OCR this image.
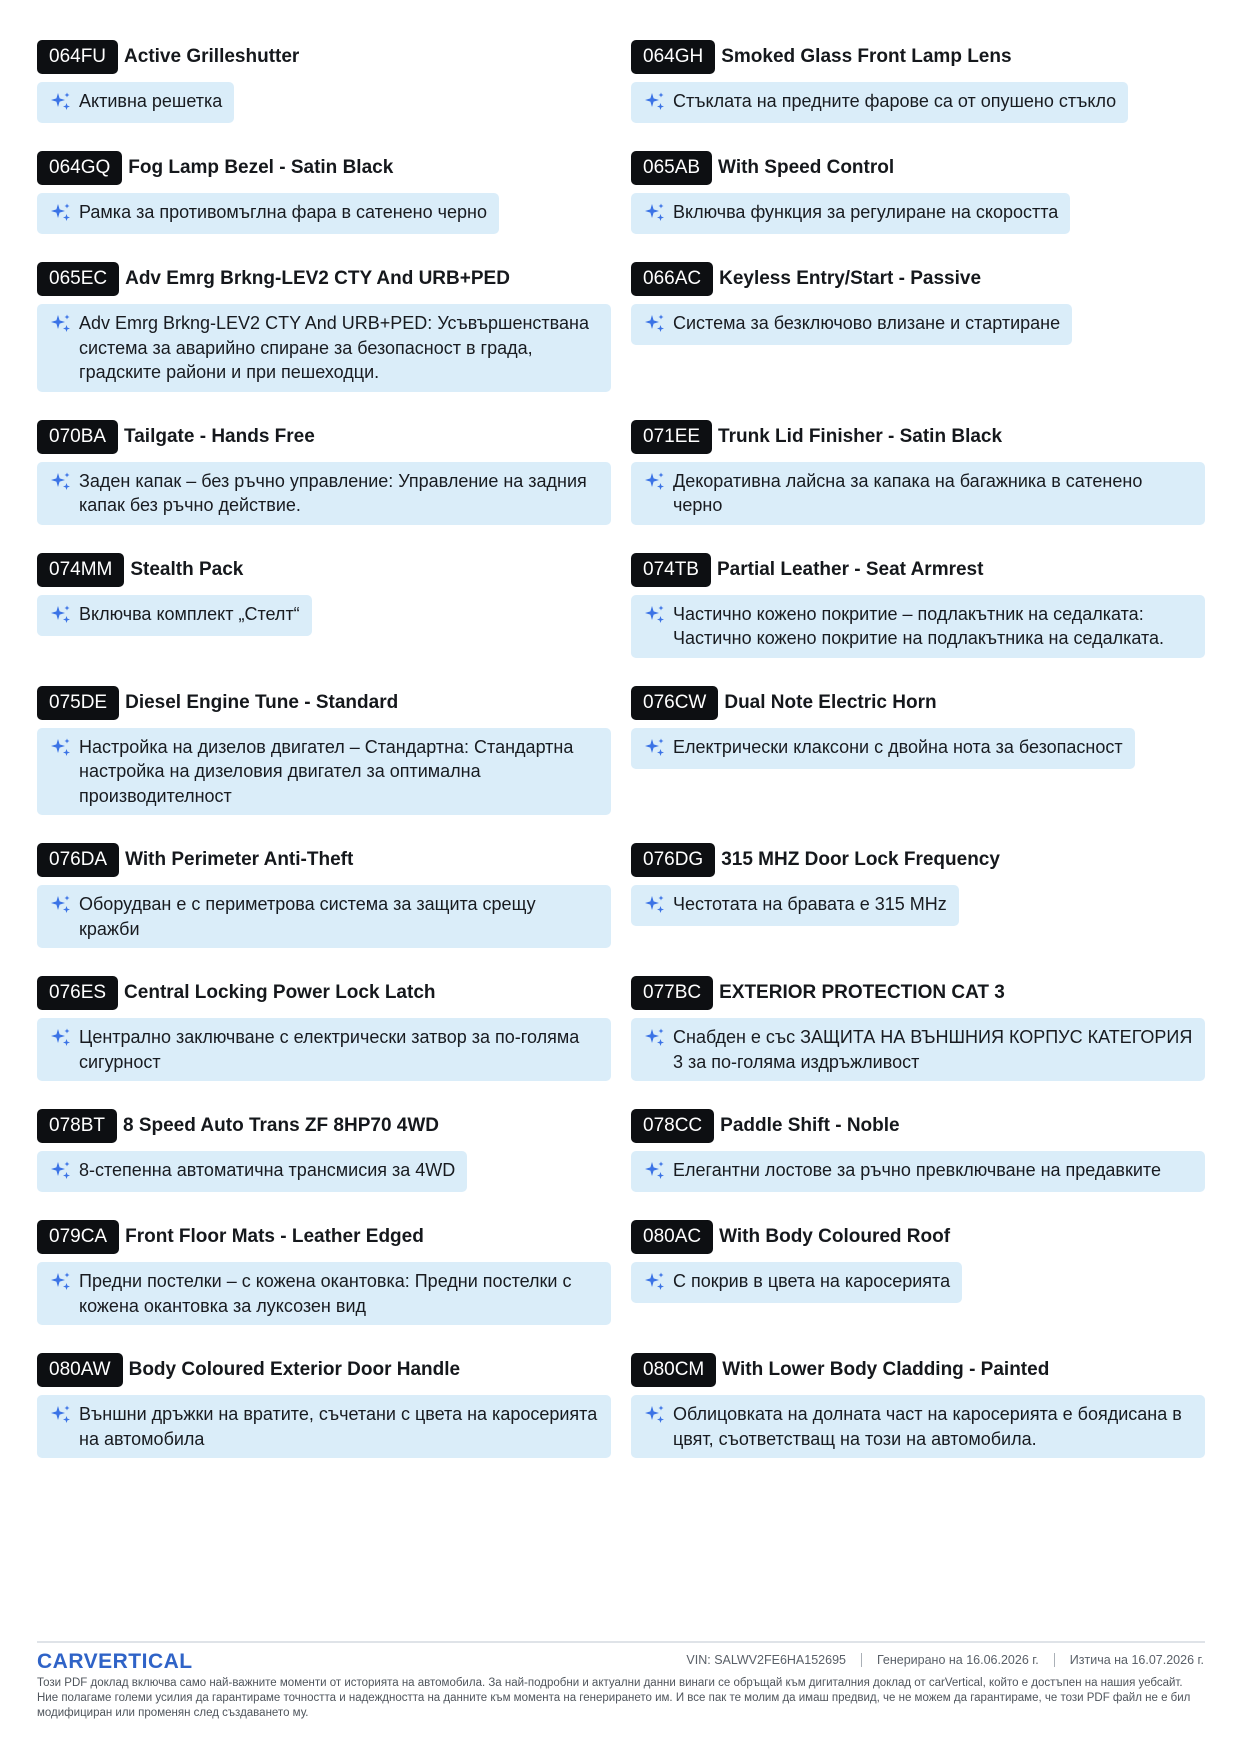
064FU Active Grilleshutter
Активна решетка
064GH Smoked Glass Front Lamp Lens
Стъклата на предните фарове са от опушено стъкло
064GQ Fog Lamp Bezel - Satin Black
Рамка за противомъглна фара в сатенено черно
065AB With Speed Control
Включва функция за регулиране на скоростта
065EC Adv Emrg Brkng-LEV2 CTY And URB+PED
Adv Emrg Brkng-LEV2 CTY And URB+PED: Усъвършенствана система за аварийно спиране за безопасност в града, градските райони и при пешеходци.
066AC Keyless Entry/Start - Passive
Система за безключово влизане и стартиране
070BA Tailgate - Hands Free
Заден капак – без ръчно управление: Управление на задния капак без ръчно действие.
071EE Trunk Lid Finisher - Satin Black
Декоративна лайсна за капака на багажника в сатенено черно
074MM Stealth Pack
Включва комплект „Стелт“
074TB Partial Leather - Seat Armrest
Частично кожено покритие – подлакътник на седалката: Частично кожено покритие на подлакътника на седалката.
075DE Diesel Engine Tune - Standard
Настройка на дизелов двигател – Стандартна: Стандартна настройка на дизеловия двигател за оптимална производителност
076CW Dual Note Electric Horn
Електрически клаксони с двойна нота за безопасност
076DA With Perimeter Anti-Theft
Оборудван е с периметрова система за защита срещу кражби
076DG 315 MHZ Door Lock Frequency
Честотата на бравата е 315 MHz
076ES Central Locking Power Lock Latch
Централно заключване с електрически затвор за по-голяма сигурност
077BC EXTERIOR PROTECTION CAT 3
Снабден е със ЗАЩИТА НА ВЪНШНИЯ КОРПУС КАТЕГОРИЯ 3 за по-голяма издръжливост
078BT 8 Speed Auto Trans ZF 8HP70 4WD
8-степенна автоматична трансмисия за 4WD
078CC Paddle Shift - Noble
Елегантни лостове за ръчно превключване на предавките
079CA Front Floor Mats - Leather Edged
Предни постелки – с кожена окантовка: Предни постелки с кожена окантовка за луксозен вид
080AC With Body Coloured Roof
С покрив в цвета на каросерията
080AW Body Coloured Exterior Door Handle
Външни дръжки на вратите, съчетани с цвета на каросерията на автомобила
080CM With Lower Body Cladding - Painted
Облицовката на долната част на каросерията е боядисана в цвят, съответстващ на този на автомобила.
CARVERTICAL	VIN: SALWV2FE6HA152695 Генерирано на 16.06.2026 г. Изтича на 16.07.2026 г.
Този PDF доклад включва само най-важните моменти от историята на автомобила. За най-подробни и актуални данни винаги се обръщай към дигиталния доклад от carVertical, който е достъпен на нашия уебсайт. Ние полагаме големи усилия да гарантираме точността и надеждността на данните към момента на генерирането им. И все пак те молим да имаш предвид, че не можем да гарантираме, че този PDF файл не е бил модифициран или променян след създаването му.
